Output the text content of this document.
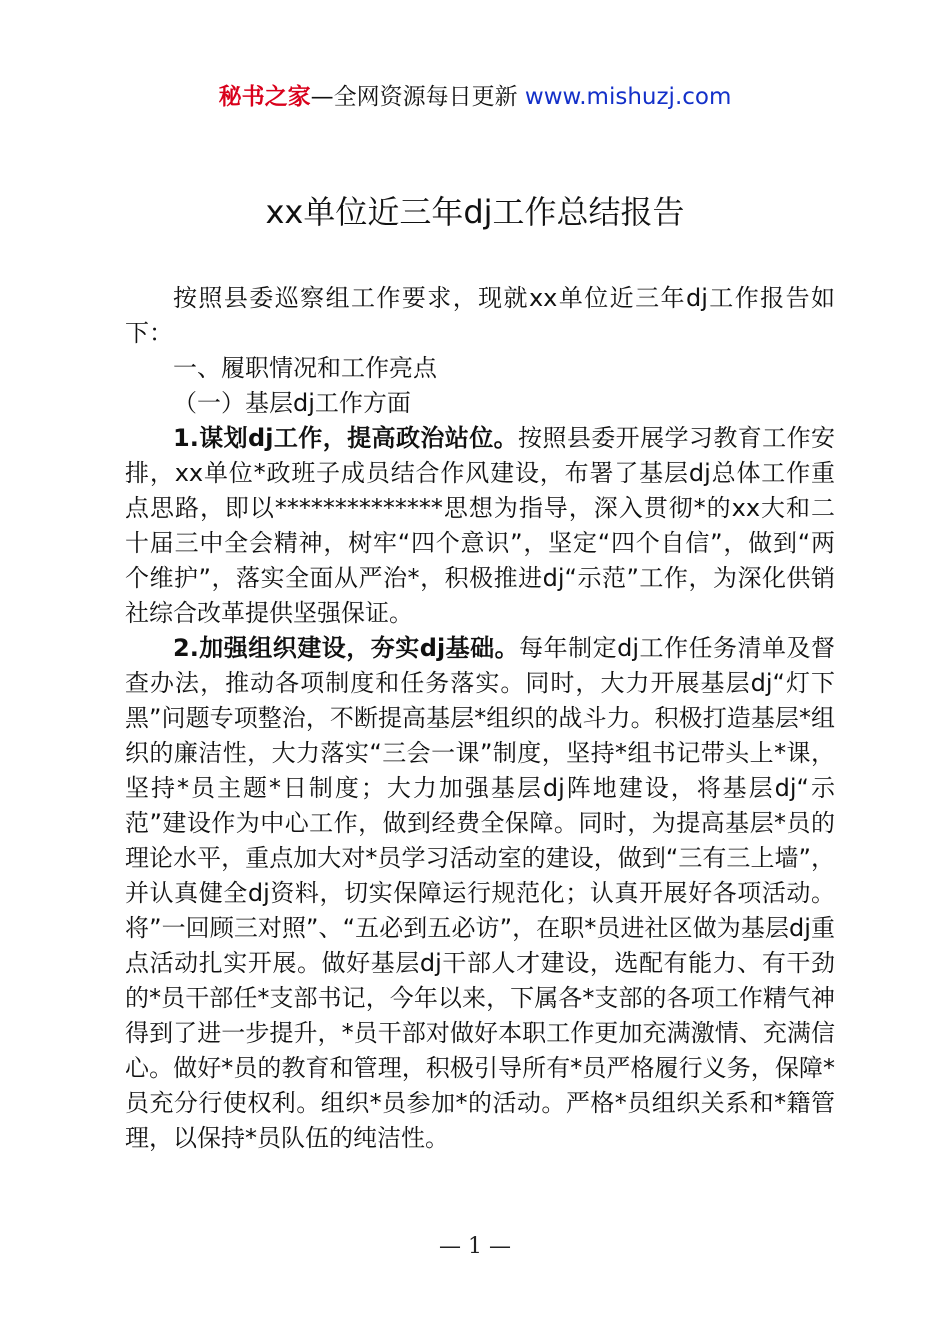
秘书之家—全网资源每日更新 www.mishuzj.com
xx单位近三年dj工作总结报告

按照县委巡察组工作要求，现就xx单位近三年dj工作报告如下：

一、履职情况和工作亮点

（一）基层dj工作方面

1.谋划dj工作，提高政治站位。按照县委开展学习教育工作安排，xx单位*政班子成员结合作风建设，布署了基层dj总体工作重点思路，即以**************思想为指导，深入贯彻*的xx大和二十届三中全会精神，树牢“四个意识”，坚定“四个自信”，做到“两个维护”，落实全面从严治*，积极推进dj“示范”工作，为深化供销社综合改革提供坚强保证。

2.加强组织建设，夯实dj基础。每年制定dj工作任务清单及督查办法，推动各项制度和任务落实。同时，大力开展基层dj“灯下黑”问题专项整治，不断提高基层*组织的战斗力。积极打造基层*组织的廉洁性，大力落实“三会一课”制度，坚持*组书记带头上*课，坚持*员主题*日制度；大力加强基层dj阵地建设，将基层dj“示范”建设作为中心工作，做到经费全保障。同时，为提高基层*员的理论水平，重点加大对*员学习活动室的建设，做到“三有三上墙”，并认真健全dj资料，切实保障运行规范化；认真开展好各项活动。将”一回顾三对照”、“五必到五必访”，在职*员进社区做为基层dj重点活动扎实开展。做好基层dj干部人才建设，选配有能力、有干劲的*员干部任*支部书记，今年以来，下属各*支部的各项工作精气神得到了进一步提升，*员干部对做好本职工作更加充满激情、充满信心。做好*员的教育和管理，积极引导所有*员严格履行义务，保障*员充分行使权利。组织*员参加*的活动。严格*员组织关系和*籍管理，以保持*员队伍的纯洁性。

— 1 —
